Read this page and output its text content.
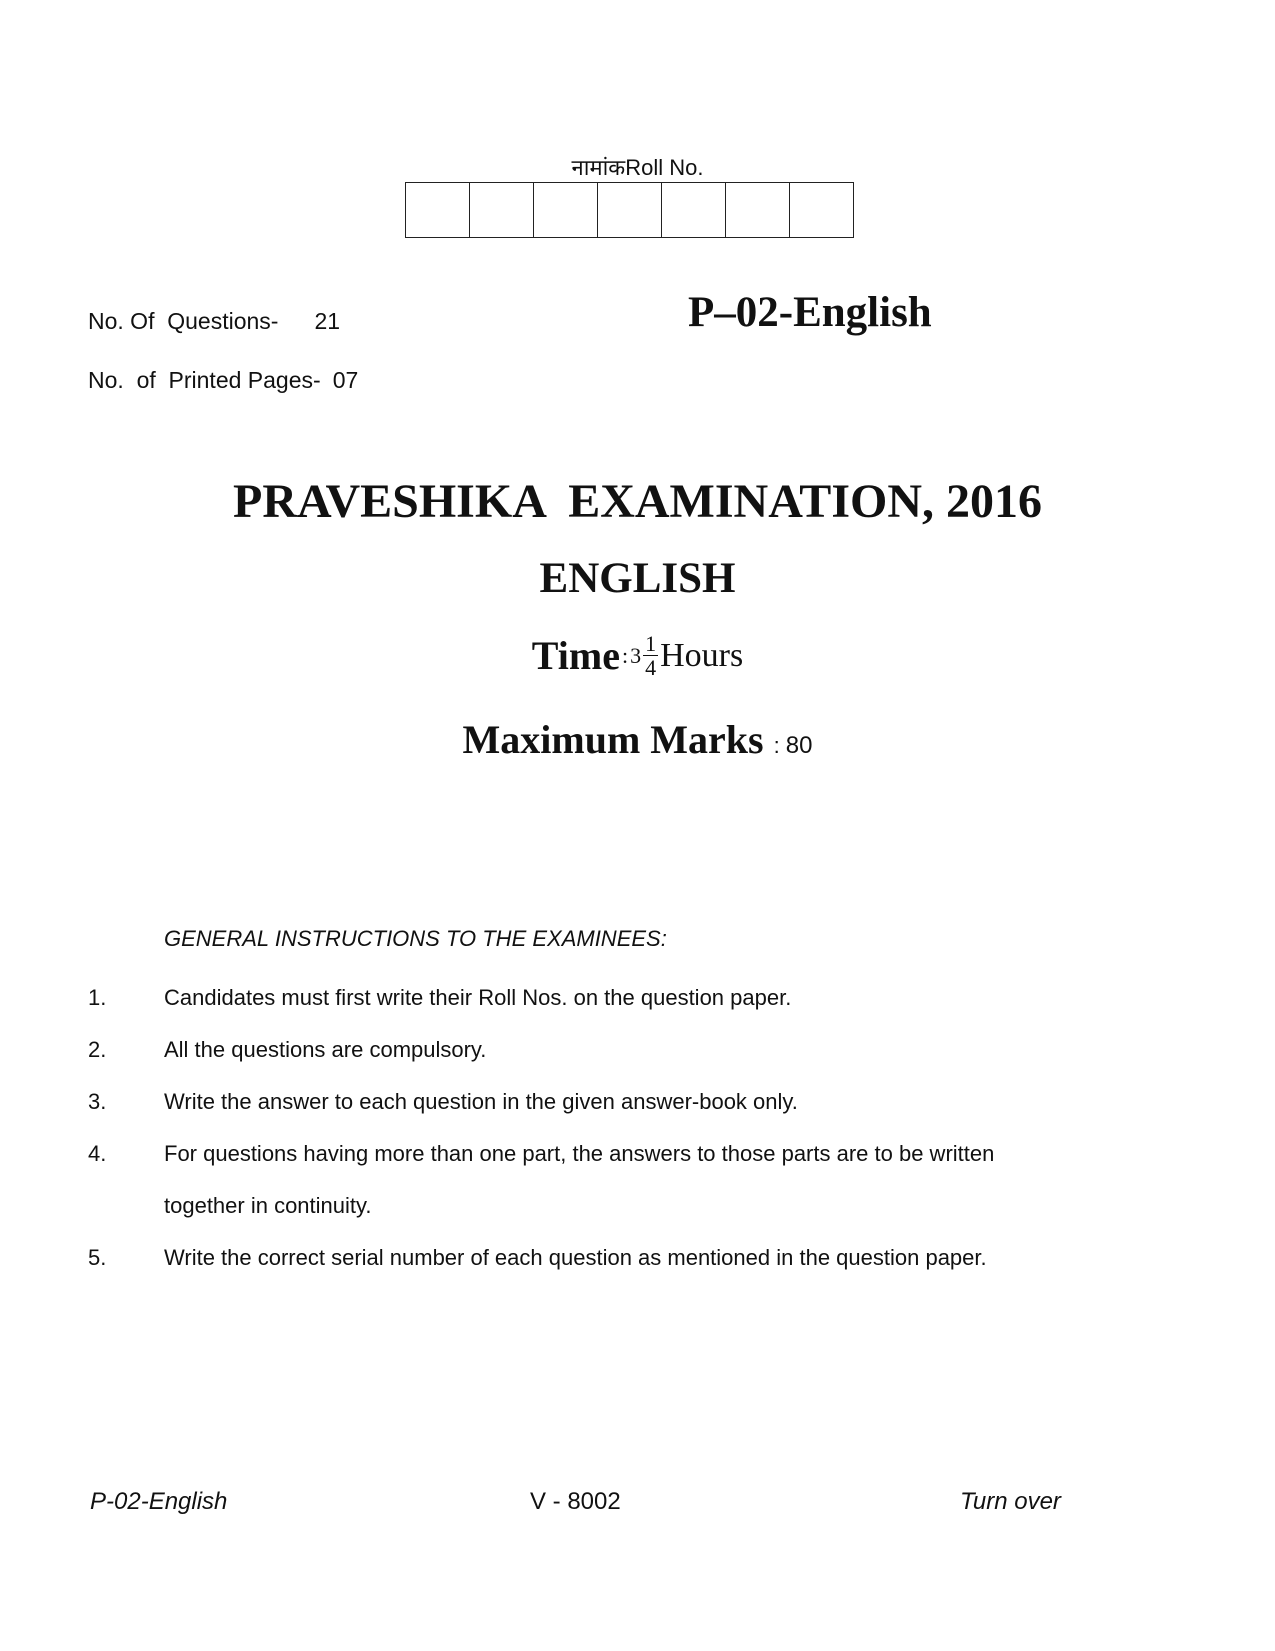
नामांकRoll No.
No. Of  Questions- 21
No.  of  Printed Pages- 07
P–02-English
PRAVESHIKA  EXAMINATION, 2016
ENGLISH
Time : $3 \frac{1}{4}$ Hours
Maximum Marks : 80
GENERAL INSTRUCTIONS TO THE EXAMINEES:
1.	Candidates must first write their Roll Nos. on the question paper.
2.	All the questions are compulsory.
3.	Write the answer to each question in the given answer-book only.
4.	For questions having more than one part, the answers to those parts are to be written
together in continuity.
5.	Write the correct serial number of each question as mentioned in the question paper.
P-02-English	V - 8002	Turn over
